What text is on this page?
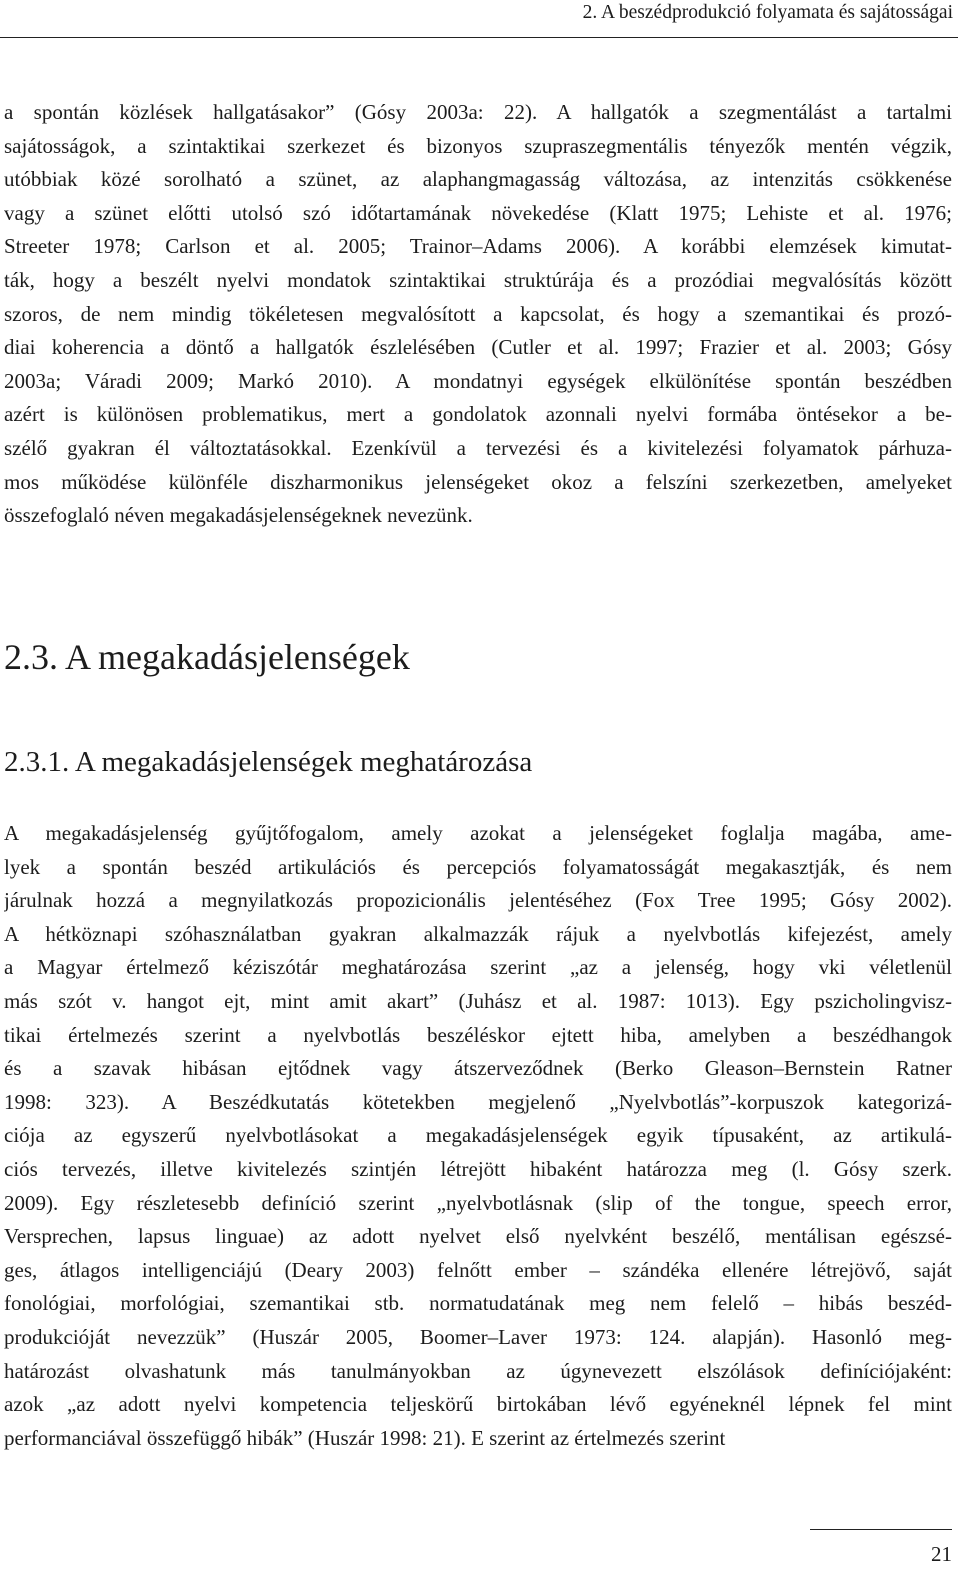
2. A beszédprodukció folyamata és sajátosságai
a spontán közlések hallgatásakor” (Gósy 2003a: 22). A hallgatók a szegmentálást a tartalmi
sajátosságok, a szintaktikai szerkezet és bizonyos szupraszegmentális tényezők mentén végzik,
utóbbiak közé sorolható a szünet, az alaphangmagasság változása, az intenzitás csökkenése
vagy a szünet előtti utolsó szó időtartamának növekedése (Klatt 1975; Lehiste et al. 1976;
Streeter 1978; Carlson et al. 2005; Trainor–Adams 2006). A korábbi elemzések kimutat-
ták, hogy a beszélt nyelvi mondatok szintaktikai struktúrája és a prozódiai megvalósítás között
szoros, de nem mindig tökéletesen megvalósított a kapcsolat, és hogy a szemantikai és prozó-
diai koherencia a döntő a hallgatók észlelésében (Cutler et al. 1997; Frazier et al. 2003; Gósy
2003a; Váradi 2009; Markó 2010). A mondatnyi egységek elkülönítése spontán beszédben
azért is különösen problematikus, mert a gondolatok azonnali nyelvi formába öntésekor a be-
szélő gyakran él változtatásokkal. Ezenkívül a tervezési és a kivitelezési folyamatok párhuza-
mos működése különféle diszharmonikus jelenségeket okoz a felszíni szerkezetben, amelyeket
összefoglaló néven megakadásjelenségeknek nevezünk.
2.3. A megakadásjelenségek
2.3.1. A megakadásjelenségek meghatározása
A megakadásjelenség gyűjtőfogalom, amely azokat a jelenségeket foglalja magába, ame-
lyek a spontán beszéd artikulációs és percepciós folyamatosságát megakasztják, és nem
járulnak hozzá a megnyilatkozás propozicionális jelentéséhez (Fox Tree 1995; Gósy 2002).
A hétköznapi szóhasználatban gyakran alkalmazzák rájuk a nyelvbotlás kifejezést, amely
a Magyar értelmező kéziszótár meghatározása szerint „az a jelenség, hogy vki véletlenül
más szót v. hangot ejt, mint amit akart” (Juhász et al. 1987: 1013). Egy pszicholingvisz-
tikai értelmezés szerint a nyelvbotlás beszéléskor ejtett hiba, amelyben a beszédhangok
és a szavak hibásan ejtődnek vagy átszerveződnek (Berko Gleason–Bernstein Ratner
1998: 323). A Beszédkutatás kötetekben megjelenő „Nyelvbotlás”-korpuszok kategorizá-
ciója az egyszerű nyelvbotlásokat a megakadásjelenségek egyik típusaként, az artikulá-
ciós tervezés, illetve kivitelezés szintjén létrejött hibaként határozza meg (l. Gósy szerk.
2009). Egy részletesebb definíció szerint „nyelvbotlásnak (slip of the tongue, speech error,
Versprechen, lapsus linguae) az adott nyelvet első nyelvként beszélő, mentálisan egészsé-
ges, átlagos intelligenciájú (Deary 2003) felnőtt ember – szándéka ellenére létrejövő, saját
fonológiai, morfológiai, szemantikai stb. normatudatának meg nem felelő – hibás beszéd-
produkcióját nevezzük” (Huszár 2005, Boomer–Laver 1973: 124. alapján). Hasonló meg-
határozást olvashatunk más tanulmányokban az úgynevezett elszólások definíciójaként:
azok „az adott nyelvi kompetencia teljeskörű birtokában lévő egyéneknél lépnek fel mint
performanciával összefüggő hibák” (Huszár 1998: 21). E szerint az értelmezés szerint
21
